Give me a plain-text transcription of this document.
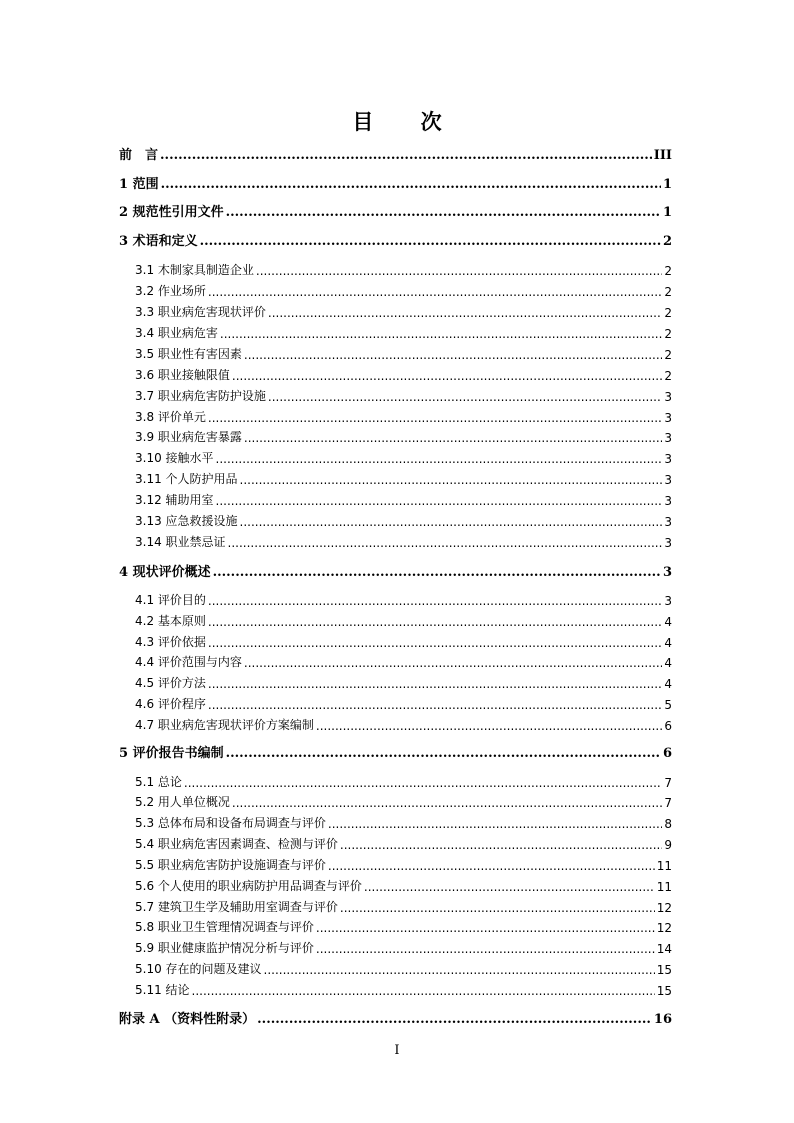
目 次
前　言 .....	III
1 范围 .....	1
2 规范性引用文件 .....	1
3 术语和定义 .....	2
3.1 木制家具制造企业 .....	2
3.2 作业场所 .....	2
3.3 职业病危害现状评价 .....	2
3.4 职业病危害 .....	2
3.5 职业性有害因素 .....	2
3.6 职业接触限值 .....	2
3.7 职业病危害防护设施 .....	3
3.8 评价单元 .....	3
3.9 职业病危害暴露 .....	3
3.10 接触水平 .....	3
3.11 个人防护用品 .....	3
3.12 辅助用室 .....	3
3.13 应急救援设施 .....	3
3.14 职业禁忌证 .....	3
4 现状评价概述 .....	3
4.1 评价目的 .....	3
4.2 基本原则 .....	4
4.3 评价依据 .....	4
4.4 评价范围与内容 .....	4
4.5 评价方法 .....	4
4.6 评价程序 .....	5
4.7 职业病危害现状评价方案编制 .....	6
5 评价报告书编制 .....	6
5.1 总论 .....	7
5.2 用人单位概况 .....	7
5.3 总体布局和设备布局调查与评价 .....	8
5.4 职业病危害因素调查、检测与评价 .....	9
5.5 职业病危害防护设施调查与评价 .....	11
5.6 个人使用的职业病防护用品调查与评价 .....	11
5.7 建筑卫生学及辅助用室调查与评价 .....	12
5.8 职业卫生管理情况调查与评价 .....	12
5.9 职业健康监护情况分析与评价 .....	14
5.10 存在的问题及建议 .....	15
5.11 结论 .....	15
附录 A （资料性附录） .....	16
I
